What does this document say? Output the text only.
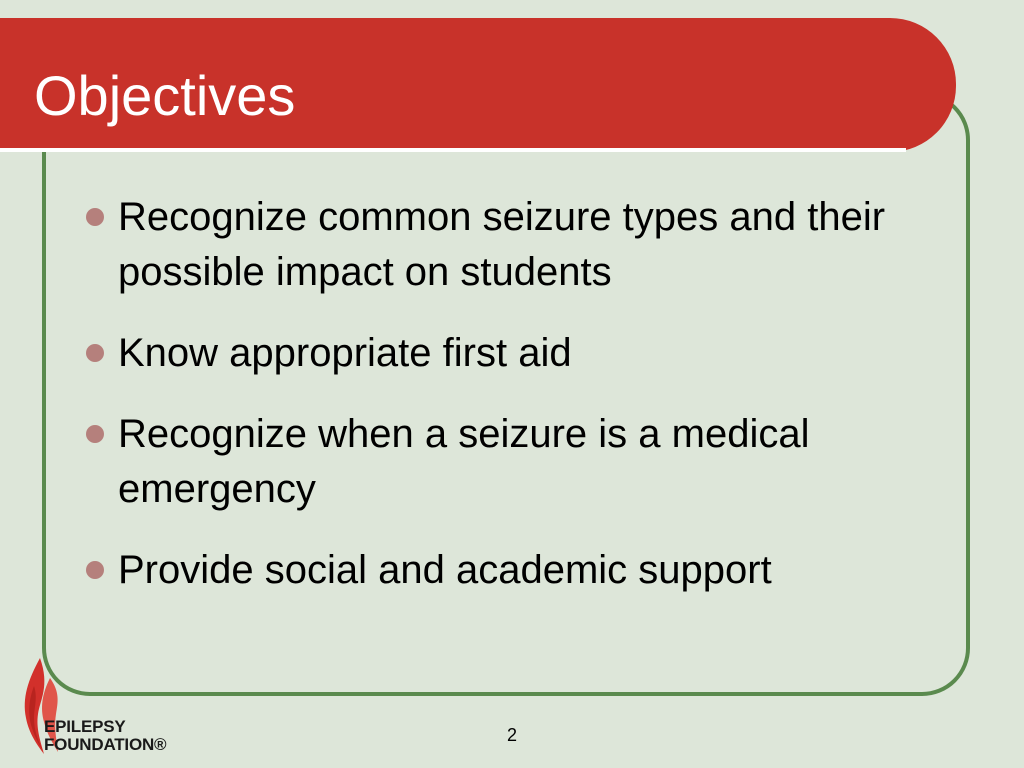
Objectives
Recognize common seizure types and their possible impact on students
Know appropriate first aid
Recognize when a seizure is a medical emergency
Provide social and academic support
EPILEPSY
FOUNDATION®	2
